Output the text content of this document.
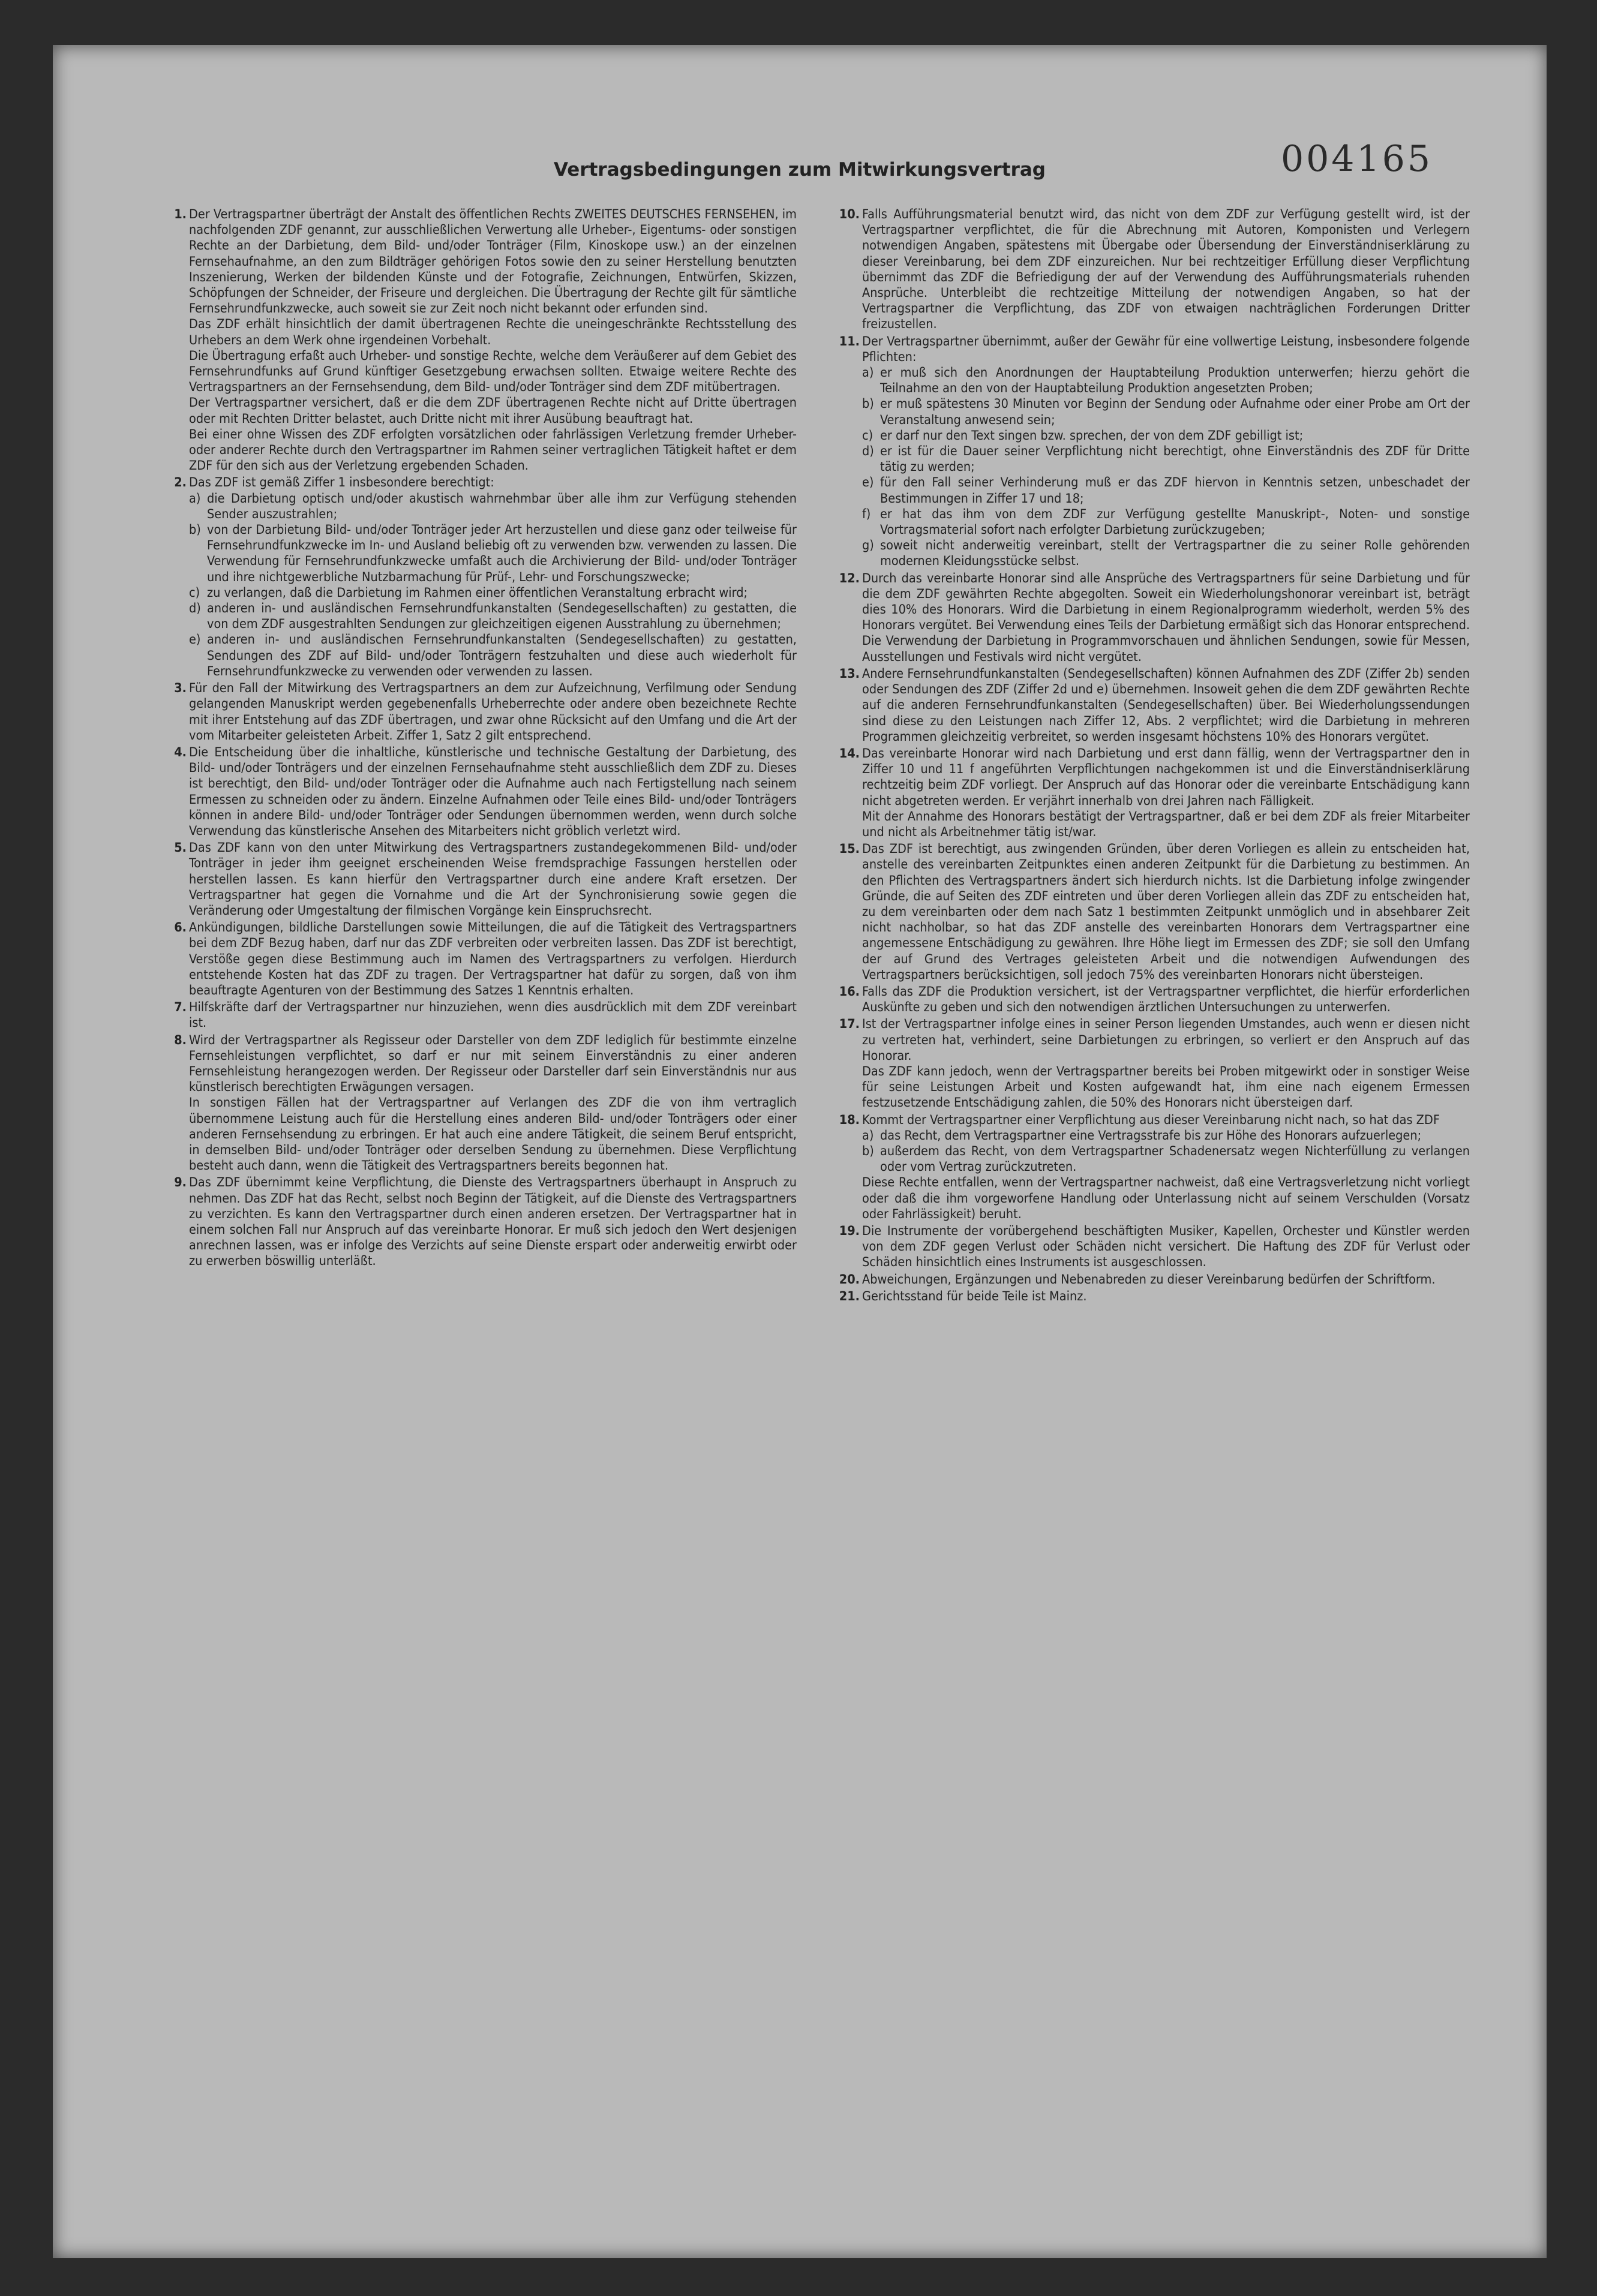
004165
Vertragsbedingungen zum Mitwirkungsvertrag
1. Der Vertragspartner überträgt der Anstalt des öffentlichen Rechts ZWEITES DEUTSCHES FERNSEHEN, im nachfolgenden ZDF genannt, zur ausschließlichen Verwertung alle Urheber-, Eigentums- oder sonstigen Rechte an der Darbietung, dem Bild- und/oder Tonträger (Film, Kinoskope usw.) an der einzelnen Fernsehaufnahme, an den zum Bildträger gehörigen Fotos sowie den zu seiner Herstellung benutzten Inszenierung, Werken der bildenden Künste und der Fotografie, Zeichnungen, Entwürfen, Skizzen, Schöpfungen der Schneider, der Friseure und dergleichen. Die Übertragung der Rechte gilt für sämtliche Fernsehrundfunkzwecke, auch soweit sie zur Zeit noch nicht bekannt oder erfunden sind.

Das ZDF erhält hinsichtlich der damit übertragenen Rechte die uneingeschränkte Rechtsstellung des Urhebers an dem Werk ohne irgendeinen Vorbehalt.

Die Übertragung erfaßt auch Urheber- und sonstige Rechte, welche dem Veräußerer auf dem Gebiet des Fernsehrundfunks auf Grund künftiger Gesetzgebung erwachsen sollten. Etwaige weitere Rechte des Vertragspartners an der Fernsehsendung, dem Bild- und/oder Tonträger sind dem ZDF mitübertragen.

Der Vertragspartner versichert, daß er die dem ZDF übertragenen Rechte nicht auf Dritte übertragen oder mit Rechten Dritter belastet, auch Dritte nicht mit ihrer Ausübung beauftragt hat.

Bei einer ohne Wissen des ZDF erfolgten vorsätzlichen oder fahrlässigen Verletzung fremder Urheber- oder anderer Rechte durch den Vertragspartner im Rahmen seiner vertraglichen Tätigkeit haftet er dem ZDF für den sich aus der Verletzung ergebenden Schaden.

2. Das ZDF ist gemäß Ziffer 1 insbesondere berechtigt:

a) die Darbietung optisch und/oder akustisch wahrnehmbar über alle ihm zur Verfügung stehenden Sender auszustrahlen;
b) von der Darbietung Bild- und/oder Tonträger jeder Art herzustellen und diese ganz oder teilweise für Fernsehrundfunkzwecke im In- und Ausland beliebig oft zu verwenden bzw. verwenden zu lassen. Die Verwendung für Fernsehrundfunkzwecke umfaßt auch die Archivierung der Bild- und/oder Tonträger und ihre nichtgewerbliche Nutzbarmachung für Prüf-, Lehr- und Forschungszwecke;
c) zu verlangen, daß die Darbietung im Rahmen einer öffentlichen Veranstaltung erbracht wird;
d) anderen in- und ausländischen Fernsehrundfunkanstalten (Sendegesellschaften) zu gestatten, die von dem ZDF ausgestrahlten Sendungen zur gleichzeitigen eigenen Ausstrahlung zu übernehmen;
e) anderen in- und ausländischen Fernsehrundfunkanstalten (Sendegesellschaften) zu gestatten, Sendungen des ZDF auf Bild- und/oder Tonträgern festzuhalten und diese auch wiederholt für Fernsehrundfunkzwecke zu verwenden oder verwenden zu lassen.
3. Für den Fall der Mitwirkung des Vertragspartners an dem zur Aufzeichnung, Verfilmung oder Sendung gelangenden Manuskript werden gegebenenfalls Urheberrechte oder andere oben bezeichnete Rechte mit ihrer Entstehung auf das ZDF übertragen, und zwar ohne Rücksicht auf den Umfang und die Art der vom Mitarbeiter geleisteten Arbeit. Ziffer 1, Satz 2 gilt entsprechend.

4. Die Entscheidung über die inhaltliche, künstlerische und technische Gestaltung der Darbietung, des Bild- und/oder Tonträgers und der einzelnen Fernsehaufnahme steht ausschließlich dem ZDF zu. Dieses ist berechtigt, den Bild- und/oder Tonträger oder die Aufnahme auch nach Fertigstellung nach seinem Ermessen zu schneiden oder zu ändern. Einzelne Aufnahmen oder Teile eines Bild- und/oder Tonträgers können in andere Bild- und/oder Tonträger oder Sendungen übernommen werden, wenn durch solche Verwendung das künstlerische Ansehen des Mitarbeiters nicht gröblich verletzt wird.

5. Das ZDF kann von den unter Mitwirkung des Vertragspartners zustandegekommenen Bild- und/oder Tonträger in jeder ihm geeignet erscheinenden Weise fremdsprachige Fassungen herstellen oder herstellen lassen. Es kann hierfür den Vertragspartner durch eine andere Kraft ersetzen. Der Vertragspartner hat gegen die Vornahme und die Art der Synchronisierung sowie gegen die Veränderung oder Umgestaltung der filmischen Vorgänge kein Einspruchsrecht.

6. Ankündigungen, bildliche Darstellungen sowie Mitteilungen, die auf die Tätigkeit des Vertragspartners bei dem ZDF Bezug haben, darf nur das ZDF verbreiten oder verbreiten lassen. Das ZDF ist berechtigt, Verstöße gegen diese Bestimmung auch im Namen des Vertragspartners zu verfolgen. Hierdurch entstehende Kosten hat das ZDF zu tragen. Der Vertragspartner hat dafür zu sorgen, daß von ihm beauftragte Agenturen von der Bestimmung des Satzes 1 Kenntnis erhalten.

7. Hilfskräfte darf der Vertragspartner nur hinzuziehen, wenn dies ausdrücklich mit dem ZDF vereinbart ist.

8. Wird der Vertragspartner als Regisseur oder Darsteller von dem ZDF lediglich für bestimmte einzelne Fernsehleistungen verpflichtet, so darf er nur mit seinem Einverständnis zu einer anderen Fernsehleistung herangezogen werden. Der Regisseur oder Darsteller darf sein Einverständnis nur aus künstlerisch berechtigten Erwägungen versagen.

In sonstigen Fällen hat der Vertragspartner auf Verlangen des ZDF die von ihm vertraglich übernommene Leistung auch für die Herstellung eines anderen Bild- und/oder Tonträgers oder einer anderen Fernsehsendung zu erbringen. Er hat auch eine andere Tätigkeit, die seinem Beruf entspricht, in demselben Bild- und/oder Tonträger oder derselben Sendung zu übernehmen. Diese Verpflichtung besteht auch dann, wenn die Tätigkeit des Vertragspartners bereits begonnen hat.

9. Das ZDF übernimmt keine Verpflichtung, die Dienste des Vertragspartners überhaupt in Anspruch zu nehmen. Das ZDF hat das Recht, selbst noch Beginn der Tätigkeit, auf die Dienste des Vertragspartners zu verzichten. Es kann den Vertragspartner durch einen anderen ersetzen. Der Vertragspartner hat in einem solchen Fall nur Anspruch auf das vereinbarte Honorar. Er muß sich jedoch den Wert desjenigen anrechnen lassen, was er infolge des Verzichts auf seine Dienste erspart oder anderweitig erwirbt oder zu erwerben böswillig unterläßt.

10. Falls Aufführungsmaterial benutzt wird, das nicht von dem ZDF zur Verfügung gestellt wird, ist der Vertragspartner verpflichtet, die für die Abrechnung mit Autoren, Komponisten und Verlegern notwendigen Angaben, spätestens mit Übergabe oder Übersendung der Einverständniserklärung zu dieser Vereinbarung, bei dem ZDF einzureichen. Nur bei rechtzeitiger Erfüllung dieser Verpflichtung übernimmt das ZDF die Befriedigung der auf der Verwendung des Aufführungsmaterials ruhenden Ansprüche. Unterbleibt die rechtzeitige Mitteilung der notwendigen Angaben, so hat der Vertragspartner die Verpflichtung, das ZDF von etwaigen nachträglichen Forderungen Dritter freizustellen.

11. Der Vertragspartner übernimmt, außer der Gewähr für eine vollwertige Leistung, insbesondere folgende Pflichten:

a) er muß sich den Anordnungen der Hauptabteilung Produktion unterwerfen; hierzu gehört die Teilnahme an den von der Hauptabteilung Produktion angesetzten Proben;
b) er muß spätestens 30 Minuten vor Beginn der Sendung oder Aufnahme oder einer Probe am Ort der Veranstaltung anwesend sein;
c) er darf nur den Text singen bzw. sprechen, der von dem ZDF gebilligt ist;
d) er ist für die Dauer seiner Verpflichtung nicht berechtigt, ohne Einverständnis des ZDF für Dritte tätig zu werden;
e) für den Fall seiner Verhinderung muß er das ZDF hiervon in Kenntnis setzen, unbeschadet der Bestimmungen in Ziffer 17 und 18;
f) er hat das ihm von dem ZDF zur Verfügung gestellte Manuskript-, Noten- und sonstige Vortragsmaterial sofort nach erfolgter Darbietung zurückzugeben;
g) soweit nicht anderweitig vereinbart, stellt der Vertragspartner die zu seiner Rolle gehörenden modernen Kleidungsstücke selbst.
12. Durch das vereinbarte Honorar sind alle Ansprüche des Vertragspartners für seine Darbietung und für die dem ZDF gewährten Rechte abgegolten. Soweit ein Wiederholungshonorar vereinbart ist, beträgt dies 10% des Honorars. Wird die Darbietung in einem Regionalprogramm wiederholt, werden 5% des Honorars vergütet. Bei Verwendung eines Teils der Darbietung ermäßigt sich das Honorar entsprechend. Die Verwendung der Darbietung in Programmvorschauen und ähnlichen Sendungen, sowie für Messen, Ausstellungen und Festivals wird nicht vergütet.

13. Andere Fernsehrundfunkanstalten (Sendegesellschaften) können Aufnahmen des ZDF (Ziffer 2b) senden oder Sendungen des ZDF (Ziffer 2d und e) übernehmen. Insoweit gehen die dem ZDF gewährten Rechte auf die anderen Fernsehrundfunkanstalten (Sendegesellschaften) über. Bei Wiederholungssendungen sind diese zu den Leistungen nach Ziffer 12, Abs. 2 verpflichtet; wird die Darbietung in mehreren Programmen gleichzeitig verbreitet, so werden insgesamt höchstens 10% des Honorars vergütet.

14. Das vereinbarte Honorar wird nach Darbietung und erst dann fällig, wenn der Vertragspartner den in Ziffer 10 und 11 f angeführten Verpflichtungen nachgekommen ist und die Einverständniserklärung rechtzeitig beim ZDF vorliegt. Der Anspruch auf das Honorar oder die vereinbarte Entschädigung kann nicht abgetreten werden. Er verjährt innerhalb von drei Jahren nach Fälligkeit.

Mit der Annahme des Honorars bestätigt der Vertragspartner, daß er bei dem ZDF als freier Mitarbeiter und nicht als Arbeitnehmer tätig ist/war.

15. Das ZDF ist berechtigt, aus zwingenden Gründen, über deren Vorliegen es allein zu entscheiden hat, anstelle des vereinbarten Zeitpunktes einen anderen Zeitpunkt für die Darbietung zu bestimmen. An den Pflichten des Vertragspartners ändert sich hierdurch nichts. Ist die Darbietung infolge zwingender Gründe, die auf Seiten des ZDF eintreten und über deren Vorliegen allein das ZDF zu entscheiden hat, zu dem vereinbarten oder dem nach Satz 1 bestimmten Zeitpunkt unmöglich und in absehbarer Zeit nicht nachholbar, so hat das ZDF anstelle des vereinbarten Honorars dem Vertragspartner eine angemessene Entschädigung zu gewähren. Ihre Höhe liegt im Ermessen des ZDF; sie soll den Umfang der auf Grund des Vertrages geleisteten Arbeit und die notwendigen Aufwendungen des Vertragspartners berücksichtigen, soll jedoch 75% des vereinbarten Honorars nicht übersteigen.

16. Falls das ZDF die Produktion versichert, ist der Vertragspartner verpflichtet, die hierfür erforderlichen Auskünfte zu geben und sich den notwendigen ärztlichen Untersuchungen zu unterwerfen.

17. Ist der Vertragspartner infolge eines in seiner Person liegenden Umstandes, auch wenn er diesen nicht zu vertreten hat, verhindert, seine Darbietungen zu erbringen, so verliert er den Anspruch auf das Honorar.

Das ZDF kann jedoch, wenn der Vertragspartner bereits bei Proben mitgewirkt oder in sonstiger Weise für seine Leistungen Arbeit und Kosten aufgewandt hat, ihm eine nach eigenem Ermessen festzusetzende Entschädigung zahlen, die 50% des Honorars nicht übersteigen darf.

18. Kommt der Vertragspartner einer Verpflichtung aus dieser Vereinbarung nicht nach, so hat das ZDF

a) das Recht, dem Vertragspartner eine Vertragsstrafe bis zur Höhe des Honorars aufzuerlegen;
b) außerdem das Recht, von dem Vertragspartner Schadenersatz wegen Nichterfüllung zu verlangen oder vom Vertrag zurückzutreten.

Diese Rechte entfallen, wenn der Vertragspartner nachweist, daß eine Vertragsverletzung nicht vorliegt oder daß die ihm vorgeworfene Handlung oder Unterlassung nicht auf seinem Verschulden (Vorsatz oder Fahrlässigkeit) beruht.

19. Die Instrumente der vorübergehend beschäftigten Musiker, Kapellen, Orchester und Künstler werden von dem ZDF gegen Verlust oder Schäden nicht versichert. Die Haftung des ZDF für Verlust oder Schäden hinsichtlich eines Instruments ist ausgeschlossen.

20. Abweichungen, Ergänzungen und Nebenabreden zu dieser Vereinbarung bedürfen der Schriftform.

21. Gerichtsstand für beide Teile ist Mainz.
